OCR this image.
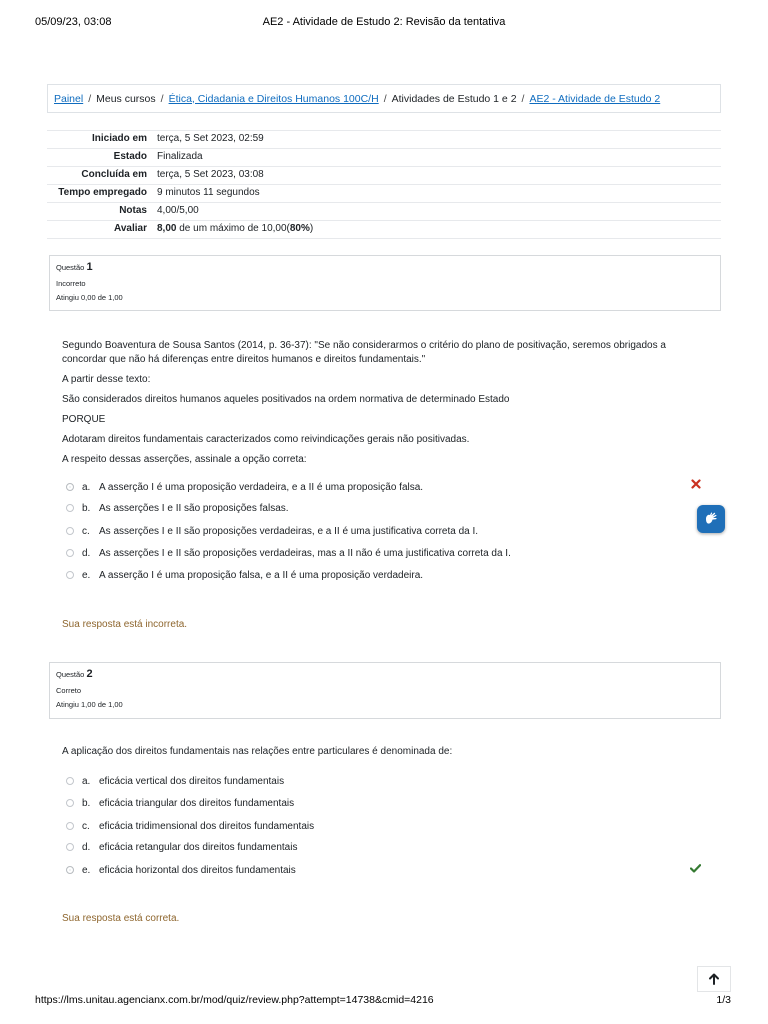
05/09/23, 03:08	AE2 - Atividade de Estudo 2: Revisão da tentativa
Painel / Meus cursos / Ética, Cidadania e Direitos Humanos 100C/H / Atividades de Estudo 1 e 2 / AE2 - Atividade de Estudo 2
Iniciado em	terça, 5 Set 2023, 02:59
Estado	Finalizada
Concluída em	terça, 5 Set 2023, 03:08
Tempo empregado	9 minutos 11 segundos
Notas	4,00/5,00
Avaliar	8,00 de um máximo de 10,00(80%)
Questão 1
Incorreto
Atingiu 0,00 de 1,00

Segundo Boaventura de Sousa Santos (2014, p. 36-37): "Se não considerarmos o critério do plano de positivação, seremos obrigados a concordar que não há diferenças entre direitos humanos e direitos fundamentais."

A partir desse texto:

São considerados direitos humanos aqueles positivados na ordem normativa de determinado Estado

PORQUE

Adotaram direitos fundamentais caracterizados como reivindicações gerais não positivadas.

A respeito dessas asserções, assinale a opção correta:

a. A asserção I é uma proposição verdadeira, e a II é uma proposição falsa.
b. As asserções I e II são proposições falsas.
c. As asserções I e II são proposições verdadeiras, e a II é uma justificativa correta da I.
d. As asserções I e II são proposições verdadeiras, mas a II não é uma justificativa correta da I.
e. A asserção I é uma proposição falsa, e a II é uma proposição verdadeira.
Sua resposta está incorreta.
Questão 2
Correto
Atingiu 1,00 de 1,00

A aplicação dos direitos fundamentais nas relações entre particulares é denominada de:

a. eficácia vertical dos direitos fundamentais
b. eficácia triangular dos direitos fundamentais
c. eficácia tridimensional dos direitos fundamentais
d. eficácia retangular dos direitos fundamentais
e. eficácia horizontal dos direitos fundamentais
Sua resposta está correta.
https://lms.unitau.agencianx.com.br/mod/quiz/review.php?attempt=14738&cmid=4216	1/3
